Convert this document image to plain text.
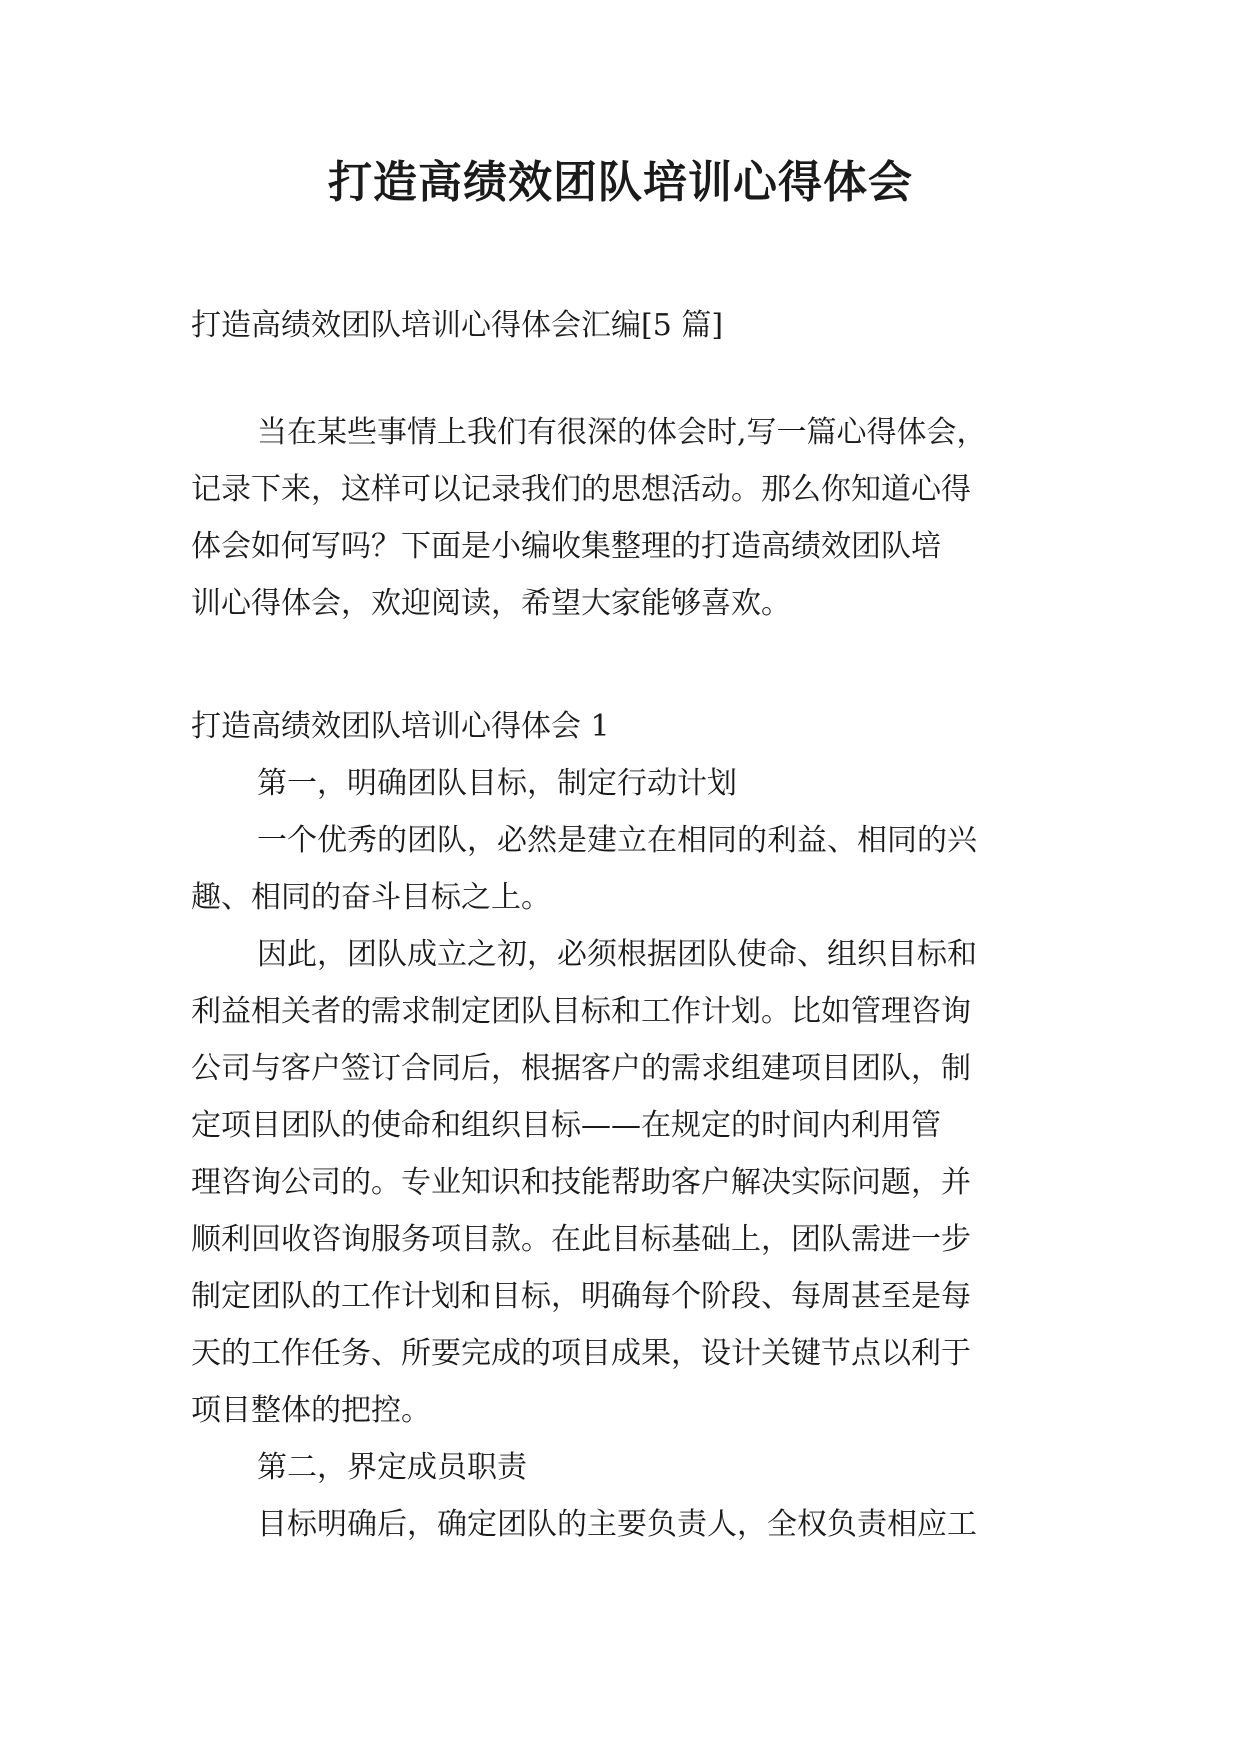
打造高绩效团队培训心得体会

打造高绩效团队培训心得体会汇编[5 篇]

当在某些事情上我们有很深的体会时,写一篇心得体会，

记录下来，这样可以记录我们的思想活动。那么你知道心得

体会如何写吗？下面是小编收集整理的打造高绩效团队培

训心得体会，欢迎阅读，希望大家能够喜欢。

打造高绩效团队培训心得体会 1

第一，明确团队目标，制定行动计划

一个优秀的团队，必然是建立在相同的利益、相同的兴

趣、相同的奋斗目标之上。

因此，团队成立之初，必须根据团队使命、组织目标和

利益相关者的需求制定团队目标和工作计划。比如管理咨询

公司与客户签订合同后，根据客户的需求组建项目团队，制

定项目团队的使命和组织目标——在规定的时间内利用管

理咨询公司的。专业知识和技能帮助客户解决实际问题，并

顺利回收咨询服务项目款。在此目标基础上，团队需进一步

制定团队的工作计划和目标，明确每个阶段、每周甚至是每

天的工作任务、所要完成的项目成果，设计关键节点以利于

项目整体的把控。

第二，界定成员职责

目标明确后，确定团队的主要负责人，全权负责相应工
